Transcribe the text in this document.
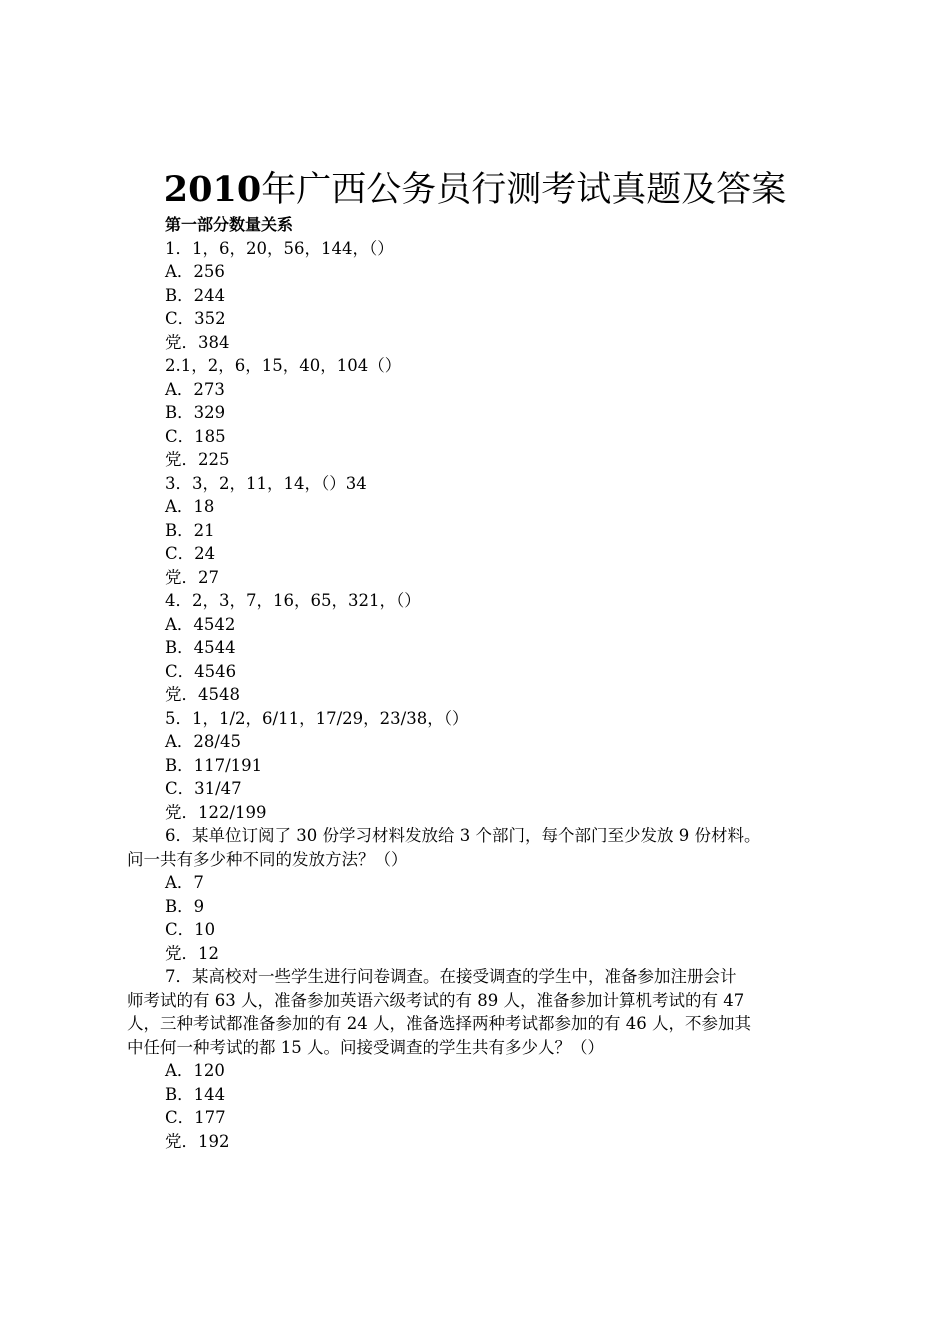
2010年广西公务员行测考试真题及答案
第一部分数量关系
1．1，6，20，56，144，（）
A．256
B．244
C．352
党．384
2.1，2，6，15，40，104（）
A．273
B．329
C．185
党．225
3．3，2，11，14，（）34
A．18
B．21
C．24
党．27
4．2，3，7，16，65，321，（）
A．4542
B．4544
C．4546
党．4548
5．1，1/2，6/11，17/29，23/38，（）
A．28/45
B．117/191
C．31/47
党．122/199
6．某单位订阅了 30 份学习材料发放给 3 个部门，每个部门至少发放 9 份材料。
问一共有多少种不同的发放方法？（）
A．7
B．9
C．10
党．12
7．某高校对一些学生进行问卷调查。在接受调查的学生中，准备参加注册会计
师考试的有 63 人，准备参加英语六级考试的有 89 人，准备参加计算机考试的有 47
人，三种考试都准备参加的有 24 人，准备选择两种考试都参加的有 46 人，不参加其
中任何一种考试的都 15 人。问接受调查的学生共有多少人？（）
A．120
B．144
C．177
党．192
